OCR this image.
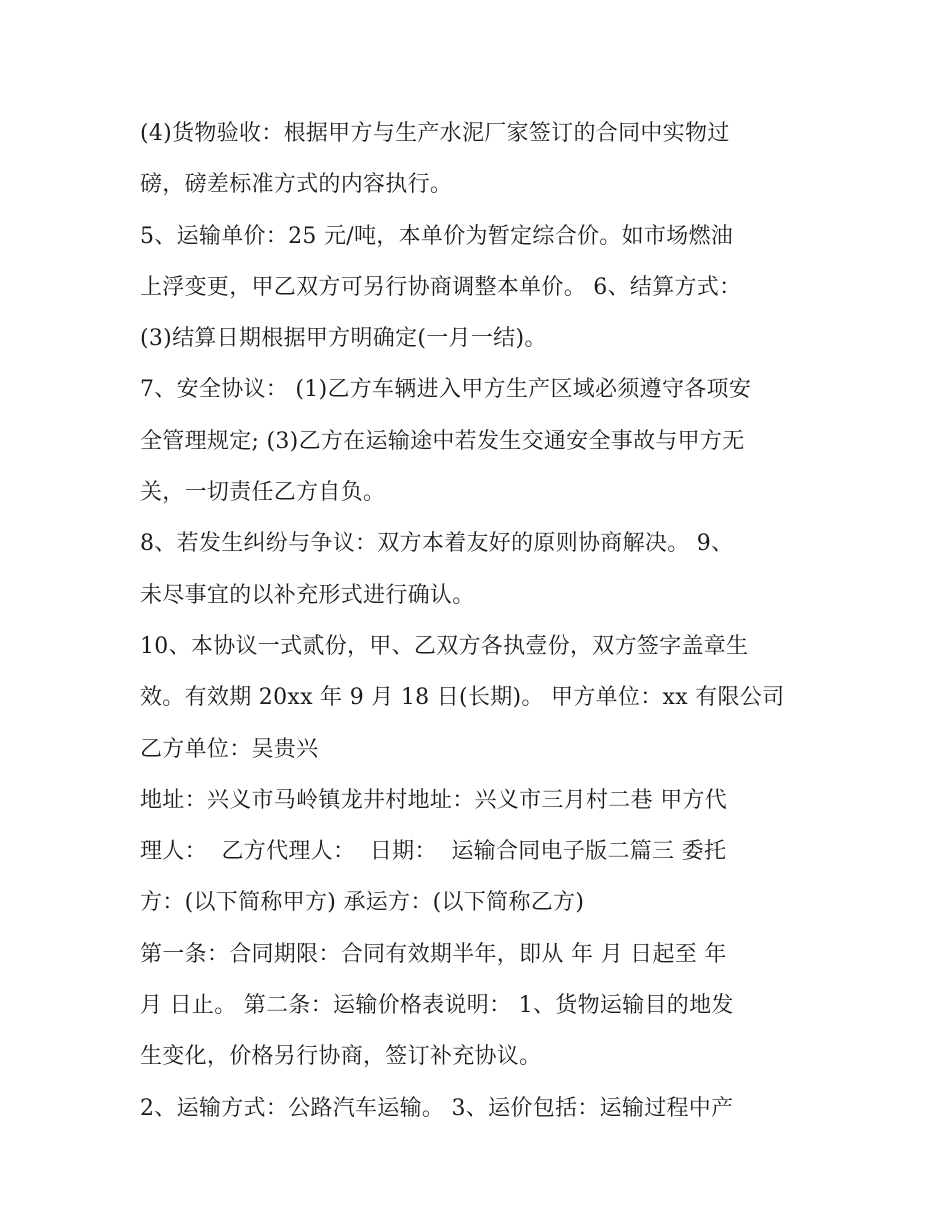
(4)货物验收：根据甲方与生产水泥厂家签订的合同中实物过
磅，磅差标准方式的内容执行。
5、运输单价：25 元/吨，本单价为暂定综合价。如市场燃油
上浮变更，甲乙双方可另行协商调整本单价。 6、结算方式：
(3)结算日期根据甲方明确定(一月一结)。
7、安全协议： (1)乙方车辆进入甲方生产区域必须遵守各项安
全管理规定; (3)乙方在运输途中若发生交通安全事故与甲方无
关，一切责任乙方自负。
8、若发生纠纷与争议：双方本着友好的原则协商解决。 9、
未尽事宜的以补充形式进行确认。
10、本协议一式贰份，甲、乙双方各执壹份，双方签字盖章生
效。有效期 20xx 年 9 月 18 日(长期)。 甲方单位：xx 有限公司
乙方单位：吴贵兴
地址：兴义市马岭镇龙井村地址：兴义市三月村二巷 甲方代
理人：  乙方代理人：  日期：  运输合同电子版二篇三 委托
方：(以下简称甲方) 承运方：(以下简称乙方)
第一条：合同期限：合同有效期半年，即从 年 月 日起至 年
月 日止。 第二条：运输价格表说明： 1、货物运输目的地发
生变化，价格另行协商，签订补充协议。
2、运输方式：公路汽车运输。 3、运价包括：运输过程中产
